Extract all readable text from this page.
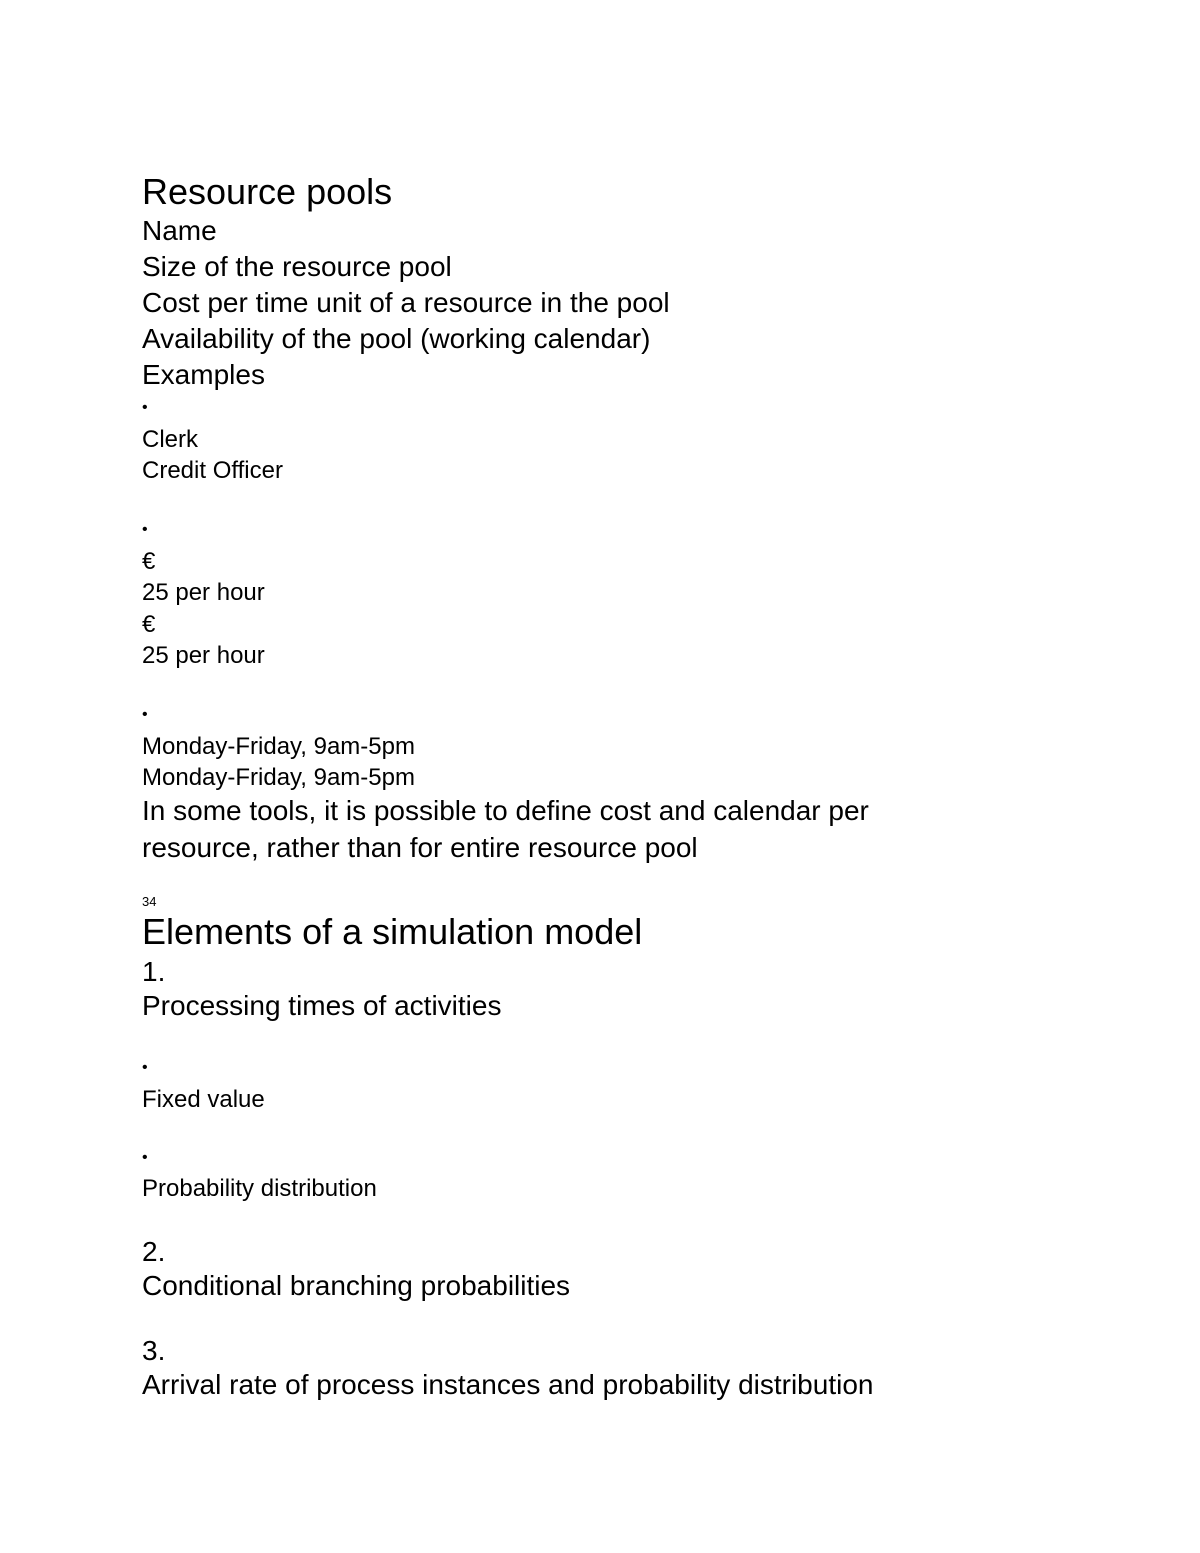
Resource pools
Name
Size of the resource pool
Cost per time unit of a resource in the pool
Availability of the pool (working calendar)
Examples
•
Clerk
Credit Officer
•
€
25 per hour
€
25 per hour
•
Monday-Friday, 9am-5pm
Monday-Friday, 9am-5pm
In some tools, it is possible to define cost and calendar per
resource, rather than for entire resource pool
34
Elements of a simulation model
1.
Processing times of activities
•
Fixed value
•
Probability distribution
2.
Conditional branching probabilities
3.
Arrival rate of process instances and probability distribution
